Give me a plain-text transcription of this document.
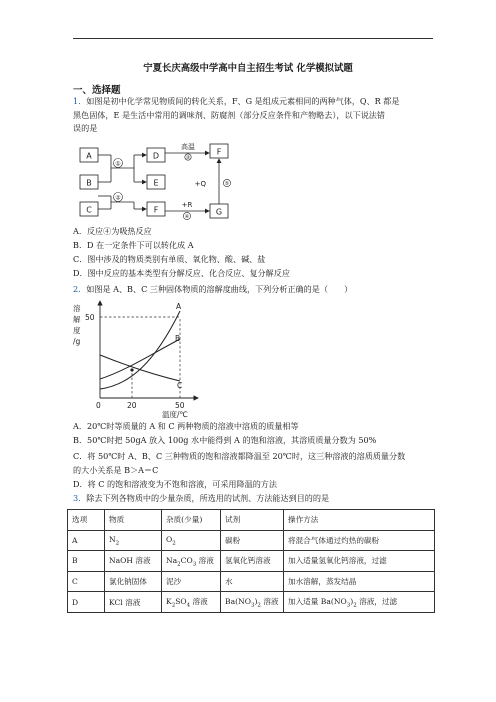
宁夏长庆高级中学高中自主招生考试 化学模拟试题
一、选择题
1．如图是初中化学常见物质间的转化关系，F、G 是组成元素相同的两种气体，Q、R 都是
黑色固体，E 是生活中常用的调味剂、防腐剂（部分反应条件和产物略去），以下说法错
误的是
A
B
C
D
E
F
F
G
①
②
高温
③
+R
④
+Q	⑤
A．反应④为吸热反应
B．D 在一定条件下可以转化成 A
C．图中涉及的物质类别有单质、氧化物、酸、碱、盐
D．图中反应的基本类型有分解反应、化合反应、复分解反应
2．如图是 A、B、C 三种固体物质的溶解度曲线，下列分析正确的是（　　）
溶
解
度
/g
A
B
C
50
0	20	50
温度/℃
A．20℃时等质量的 A 和 C 两种物质的溶液中溶质的质量相等
B．50℃时把 50gA 放入 100g 水中能得到 A 的饱和溶液，其溶质质量分数为 50%
C．将 50℃时 A、B、C 三种物质的饱和溶液都降温至 20℃时，这三种溶液的溶质质量分数
的大小关系是 B＞A＝C
D．将 C 的饱和溶液变为不饱和溶液，可采用降温的方法
3．除去下列各物质中的少量杂质，所选用的试剂、方法能达到目的的是
选项	物质	杂质(少量)	试剂	操作方法
A	$N_2$	$O_2$	碳粉	将混合气体通过灼热的碳粉
B	NaOH 溶液	$Na_2CO_3$ 溶液	氢氧化钙溶液	加入适量氢氧化钙溶液，过滤
C	氯化钠固体	泥沙	水	加水溶解，蒸发结晶
D	KCl 溶液	$K_2SO_4$ 溶液	$Ba(NO_3)_2$ 溶液	加入适量 $Ba(NO_3)_2$ 溶液，过滤
